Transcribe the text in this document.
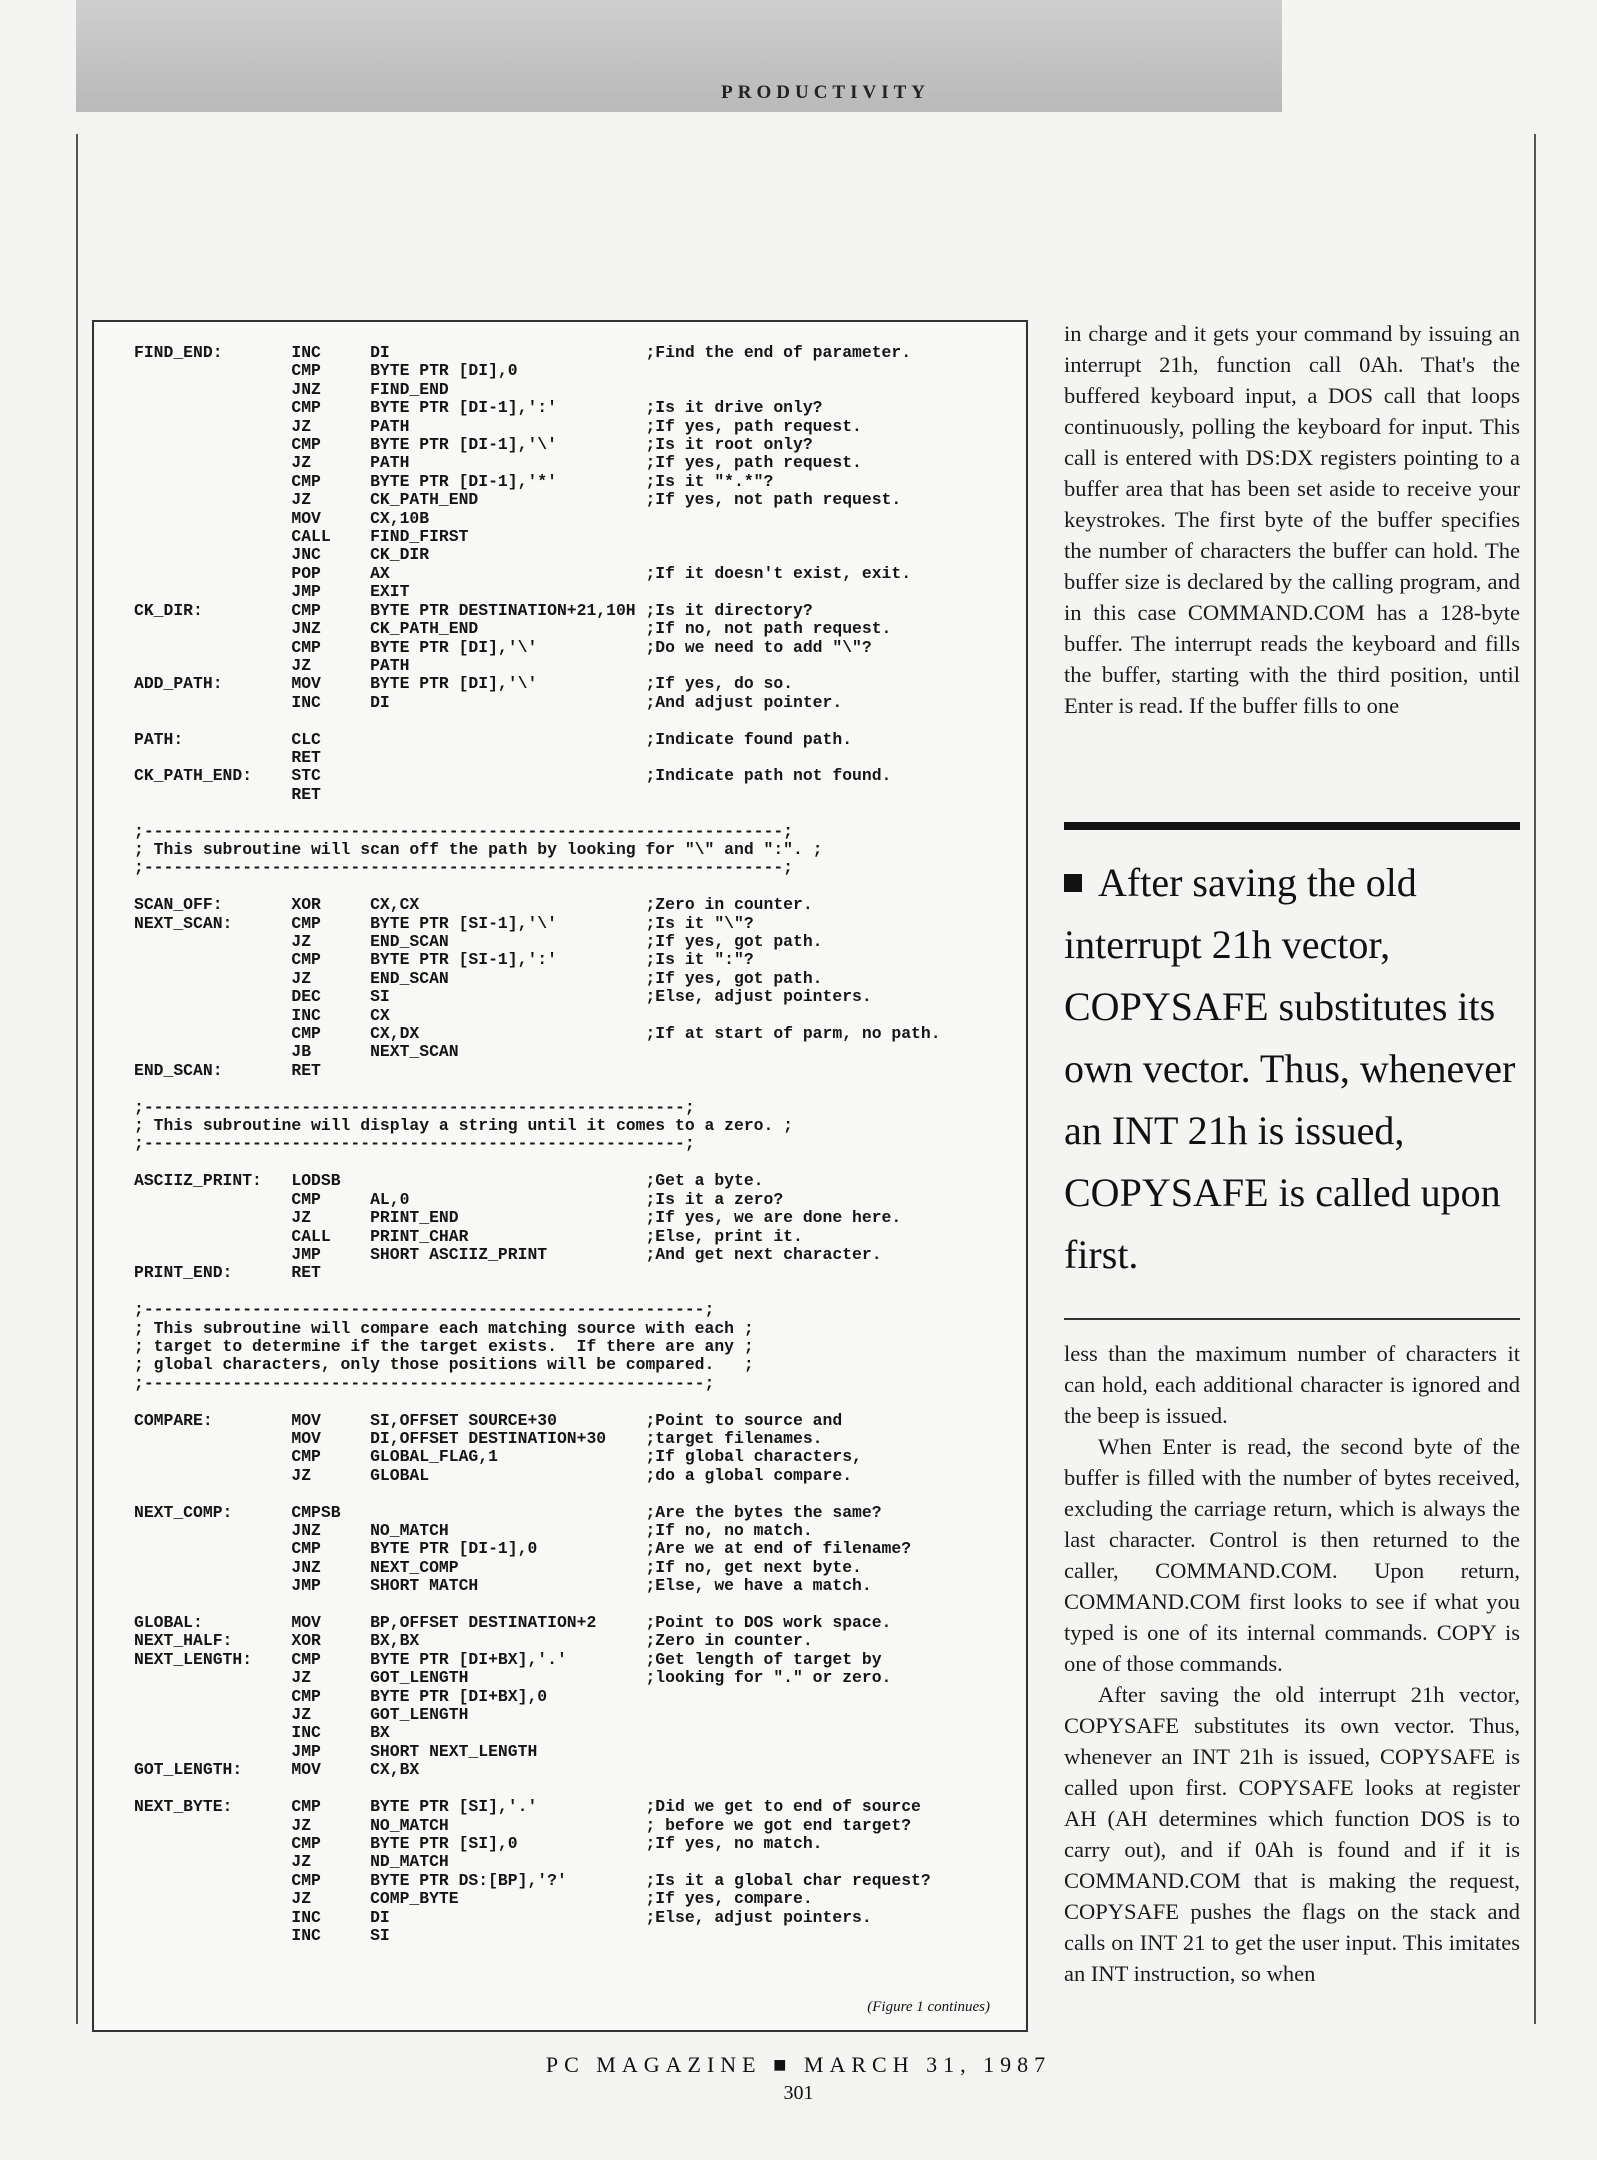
PRODUCTIVITY
FIND_END:       INC     DI                          ;Find the end of parameter.
CMP     BYTE PTR [DI],0
JNZ     FIND_END
CMP     BYTE PTR [DI-1],':'         ;Is it drive only?
JZ      PATH                        ;If yes, path request.
CMP     BYTE PTR [DI-1],'\'         ;Is it root only?
JZ      PATH                        ;If yes, path request.
CMP     BYTE PTR [DI-1],'*'         ;Is it "*.*"?
JZ      CK_PATH_END                 ;If yes, not path request.
MOV     CX,10B
CALL    FIND_FIRST
JNC     CK_DIR
POP     AX                          ;If it doesn't exist, exit.
JMP     EXIT
CK_DIR:         CMP     BYTE PTR DESTINATION+21,10H ;Is it directory?
JNZ     CK_PATH_END                 ;If no, not path request.
CMP     BYTE PTR [DI],'\'           ;Do we need to add "\"?
JZ      PATH
ADD_PATH:       MOV     BYTE PTR [DI],'\'           ;If yes, do so.
INC     DI                          ;And adjust pointer.

PATH:           CLC                                 ;Indicate found path.
RET
CK_PATH_END:    STC                                 ;Indicate path not found.
RET

;-----------------------------------------------------------------;
; This subroutine will scan off the path by looking for "\" and ":". ;
;-----------------------------------------------------------------;

SCAN_OFF:       XOR     CX,CX                       ;Zero in counter.
NEXT_SCAN:      CMP     BYTE PTR [SI-1],'\'         ;Is it "\"?
JZ      END_SCAN                    ;If yes, got path.
CMP     BYTE PTR [SI-1],':'         ;Is it ":"?
JZ      END_SCAN                    ;If yes, got path.
DEC     SI                          ;Else, adjust pointers.
INC     CX
CMP     CX,DX                       ;If at start of parm, no path.
JB      NEXT_SCAN
END_SCAN:       RET

;-------------------------------------------------------;
; This subroutine will display a string until it comes to a zero. ;
;-------------------------------------------------------;

ASCIIZ_PRINT:   LODSB                               ;Get a byte.
CMP     AL,0                        ;Is it a zero?
JZ      PRINT_END                   ;If yes, we are done here.
CALL    PRINT_CHAR                  ;Else, print it.
JMP     SHORT ASCIIZ_PRINT          ;And get next character.
PRINT_END:      RET

;---------------------------------------------------------;
; This subroutine will compare each matching source with each ;
; target to determine if the target exists.  If there are any ;
; global characters, only those positions will be compared.   ;
;---------------------------------------------------------;

COMPARE:        MOV     SI,OFFSET SOURCE+30         ;Point to source and
MOV     DI,OFFSET DESTINATION+30    ;target filenames.
CMP     GLOBAL_FLAG,1               ;If global characters,
JZ      GLOBAL                      ;do a global compare.

NEXT_COMP:      CMPSB                               ;Are the bytes the same?
JNZ     NO_MATCH                    ;If no, no match.
CMP     BYTE PTR [DI-1],0           ;Are we at end of filename?
JNZ     NEXT_COMP                   ;If no, get next byte.
JMP     SHORT MATCH                 ;Else, we have a match.

GLOBAL:         MOV     BP,OFFSET DESTINATION+2     ;Point to DOS work space.
NEXT_HALF:      XOR     BX,BX                       ;Zero in counter.
NEXT_LENGTH:    CMP     BYTE PTR [DI+BX],'.'        ;Get length of target by
JZ      GOT_LENGTH                  ;looking for "." or zero.
CMP     BYTE PTR [DI+BX],0
JZ      GOT_LENGTH
INC     BX
JMP     SHORT NEXT_LENGTH
GOT_LENGTH:     MOV     CX,BX

NEXT_BYTE:      CMP     BYTE PTR [SI],'.'           ;Did we get to end of source
JZ      NO_MATCH                    ; before we got end target?
CMP     BYTE PTR [SI],0             ;If yes, no match.
JZ      ND_MATCH
CMP     BYTE PTR DS:[BP],'?'        ;Is it a global char request?
JZ      COMP_BYTE                   ;If yes, compare.
INC     DI                          ;Else, adjust pointers.
INC     SI
(Figure 1 continues)

in charge and it gets your command by issuing an interrupt 21h, function call 0Ah. That's the buffered keyboard input, a DOS call that loops continuously, polling the keyboard for input. This call is entered with DS:DX registers pointing to a buffer area that has been set aside to receive your keystrokes. The first byte of the buffer specifies the number of characters the buffer can hold. The buffer size is declared by the calling program, and in this case COMMAND.COM has a 128-byte buffer. The interrupt reads the keyboard and fills the buffer, starting with the third position, until Enter is read. If the buffer fills to one

After saving the old interrupt 21h vector, COPYSAFE substitutes its own vector. Thus, whenever an INT 21h is issued, COPYSAFE is called upon first.

less than the maximum number of characters it can hold, each additional character is ignored and the beep is issued.

When Enter is read, the second byte of the buffer is filled with the number of bytes received, excluding the carriage return, which is always the last character. Control is then returned to the caller, COMMAND.COM. Upon return, COMMAND.COM first looks to see if what you typed is one of its internal commands. COPY is one of those commands.

After saving the old interrupt 21h vector, COPYSAFE substitutes its own vector. Thus, whenever an INT 21h is issued, COPYSAFE is called upon first. COPYSAFE looks at register AH (AH determines which function DOS is to carry out), and if 0Ah is found and if it is COMMAND.COM that is making the request, COPYSAFE pushes the flags on the stack and calls on INT 21 to get the user input. This imitates an INT instruction, so when

PC MAGAZINE ■ MARCH 31, 1987
301
